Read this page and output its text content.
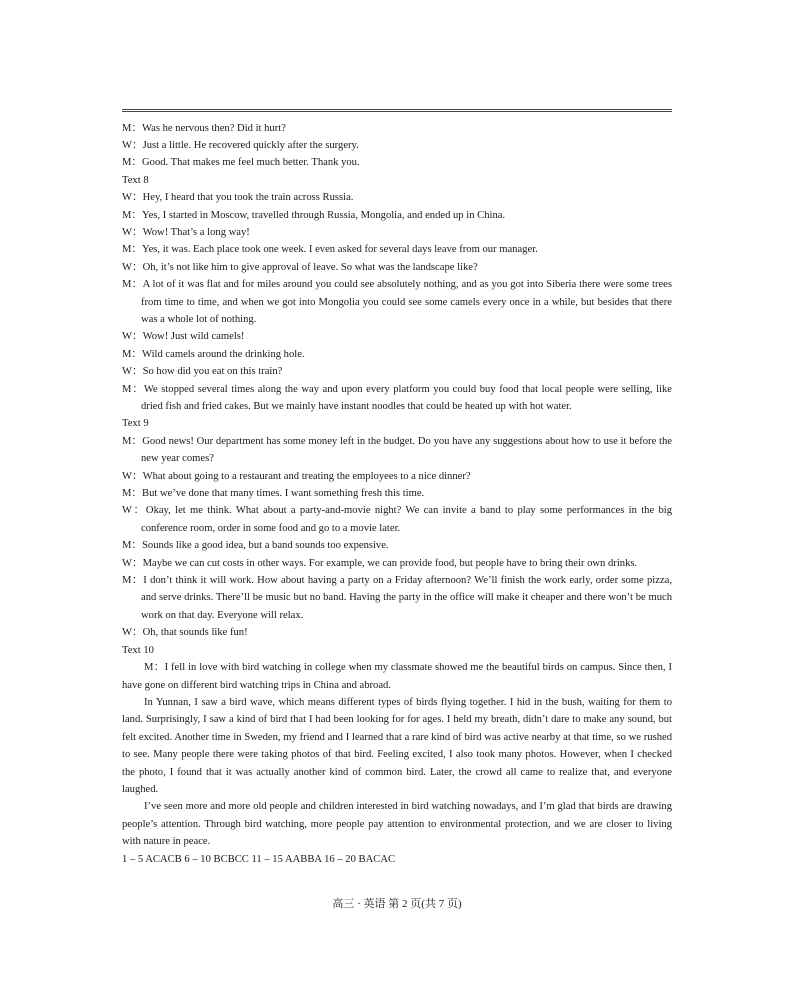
M：Was he nervous then? Did it hurt?
W：Just a little. He recovered quickly after the surgery.
M：Good. That makes me feel much better. Thank you.
Text 8
W：Hey, I heard that you took the train across Russia.
M：Yes, I started in Moscow, travelled through Russia, Mongolia, and ended up in China.
W：Wow! That’s a long way!
M：Yes, it was. Each place took one week. I even asked for several days leave from our manager.
W：Oh, it’s not like him to give approval of leave. So what was the landscape like?
M：A lot of it was flat and for miles around you could see absolutely nothing, and as you got into Siberia there were some trees from time to time, and when we got into Mongolia you could see some camels every once in a while, but besides that there was a whole lot of nothing.
W：Wow! Just wild camels!
M：Wild camels around the drinking hole.
W：So how did you eat on this train?
M：We stopped several times along the way and upon every platform you could buy food that local people were selling, like dried fish and fried cakes. But we mainly have instant noodles that could be heated up with hot water.
Text 9
M：Good news! Our department has some money left in the budget. Do you have any suggestions about how to use it before the new year comes?
W：What about going to a restaurant and treating the employees to a nice dinner?
M：But we’ve done that many times. I want something fresh this time.
W：Okay, let me think. What about a party-and-movie night? We can invite a band to play some performances in the big conference room, order in some food and go to a movie later.
M：Sounds like a good idea, but a band sounds too expensive.
W：Maybe we can cut costs in other ways. For example, we can provide food, but people have to bring their own drinks.
M：I don’t think it will work. How about having a party on a Friday afternoon? We’ll finish the work early, order some pizza, and serve drinks. There’ll be music but no band. Having the party in the office will make it cheaper and there won’t be much work on that day. Everyone will relax.
W：Oh, that sounds like fun!
Text 10
M：I fell in love with bird watching in college when my classmate showed me the beautiful birds on campus. Since then, I have gone on different bird watching trips in China and abroad.
In Yunnan, I saw a bird wave, which means different types of birds flying together. I hid in the bush, waiting for them to land. Surprisingly, I saw a kind of bird that I had been looking for for ages. I held my breath, didn’t dare to make any sound, but felt excited. Another time in Sweden, my friend and I learned that a rare kind of bird was active nearby at that time, so we rushed to see. Many people there were taking photos of that bird. Feeling excited, I also took many photos. However, when I checked the photo, I found that it was actually another kind of common bird. Later, the crowd all came to realize that, and everyone laughed.
I’ve seen more and more old people and children interested in bird watching nowadays, and I’m glad that birds are drawing people’s attention. Through bird watching, more people pay attention to environmental protection, and we are closer to living with nature in peace.
1 – 5 ACACB 6 – 10 BCBCC 11 – 15 AABBA 16 – 20 BACAC
高三 · 英语 第 2 页(共 7 页)
